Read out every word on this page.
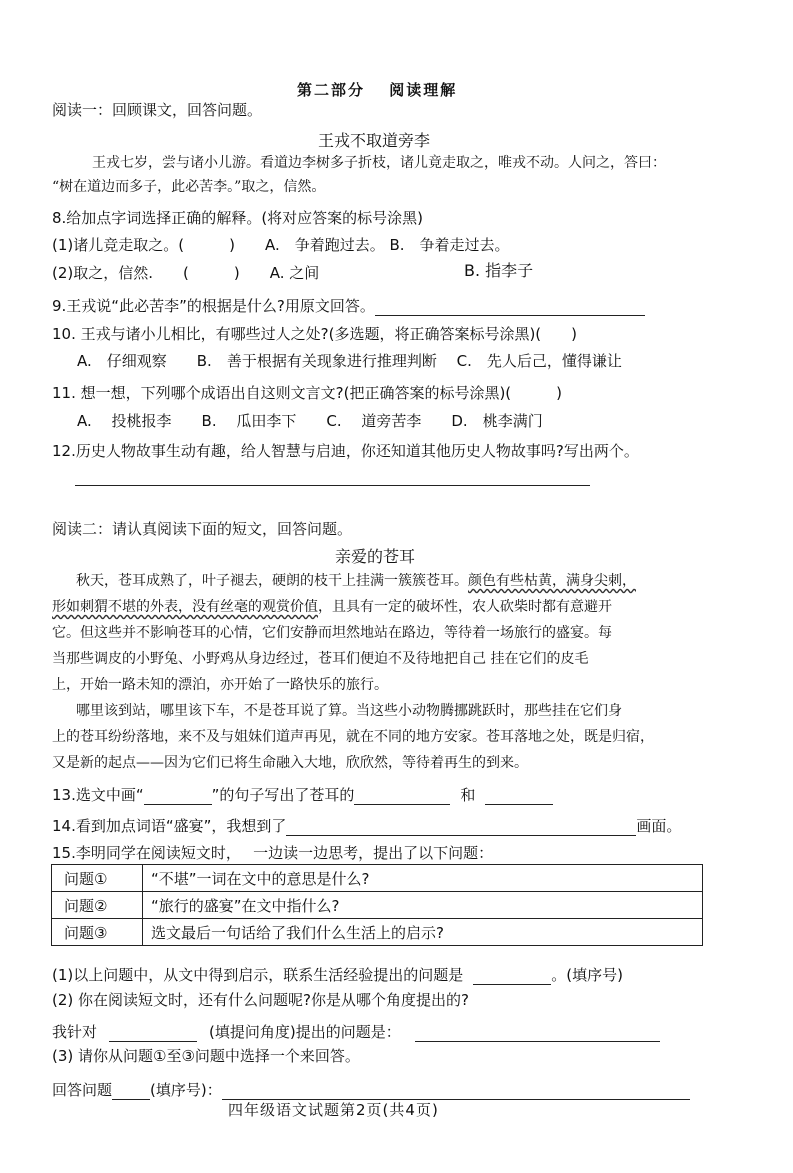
第二部分　 阅读理解
阅读一：回顾课文，回答问题。
王戎不取道旁李
王戎七岁，尝与诸小儿游。看道边李树多子折枝，诸儿竟走取之，唯戎不动。人问之，答曰：
“树在道边而多子，此必苦李。”取之，信然。
8.给加点字词选择正确的解释。(将对应答案的标号涂黑)
(1)诸儿竞走取之。(　　　)　　A.　争着跑过去。 B.　争着走过去。
(2)取之，信然.　　(　　　)　　A. 之间	B. 指李子
9.王戎说“此必苦李”的根据是什么?用原文回答。
10. 王戎与诸小儿相比，有哪些过人之处?(多选题，将正确答案标号涂黑)(　　)
A.　仔细观察　　B.　善于根据有关现象进行推理判断　 C.　先人后己，懂得谦让
11. 想一想，下列哪个成语出自这则文言文?(把正确答案的标号涂黑)(　　　)
A.　 投桃报李　　B.　 瓜田李下　　C.　 道旁苦李　　D.　桃李满门
12.历史人物故事生动有趣，给人智慧与启迪，你还知道其他历史人物故事吗?写出两个。
阅读二：请认真阅读下面的短文，回答问题。
亲爱的苍耳
秋天，苍耳成熟了，叶子褪去，硬朗的枝干上挂满一簇簇苍耳。颜色有些枯黄，满身尖刺，
形如刺猬不堪的外表，没有丝毫的观赏价值，且具有一定的破坏性，农人砍柴时都有意避开
它。但这些并不影响苍耳的心情，它们安静而坦然地站在路边，等待着一场旅行的盛宴。每
当那些调皮的小野兔、小野鸡从身边经过，苍耳们便迫不及待地把自己 挂在它们的皮毛
上，开始一路未知的漂泊，亦开始了一路快乐的旅行。
哪里该到站，哪里该下车，不是苍耳说了算。当这些小动物腾挪跳跃时，那些挂在它们身
上的苍耳纷纷落地，来不及与姐妹们道声再见，就在不同的地方安家。苍耳落地之处，既是归宿，
又是新的起点——因为它们已将生命融入大地，欣欣然，等待着再生的到来。
13.选文中画“	”的句子写出了苍耳的	和
14.看到加点词语“盛宴”，我想到了	画面。
15.李明同学在阅读短文时，　 一边读一边思考，提出了以下问题：
问题①	“不堪”一词在文中的意思是什么?
问题②	“旅行的盛宴”在文中指什么?
问题③	选文最后一句话给了我们什么生活上的启示?
(1)以上问题中，从文中得到启示，联系生活经验提出的问题是	。(填序号)
(2) 你在阅读短文时，还有什么问题呢?你是从哪个角度提出的?
我针对	(填提问角度)提出的问题是：
(3) 请你从问题①至③问题中选择一个来回答。
回答问题	(填序号)：
四年级语文试题第2页(共4页)
